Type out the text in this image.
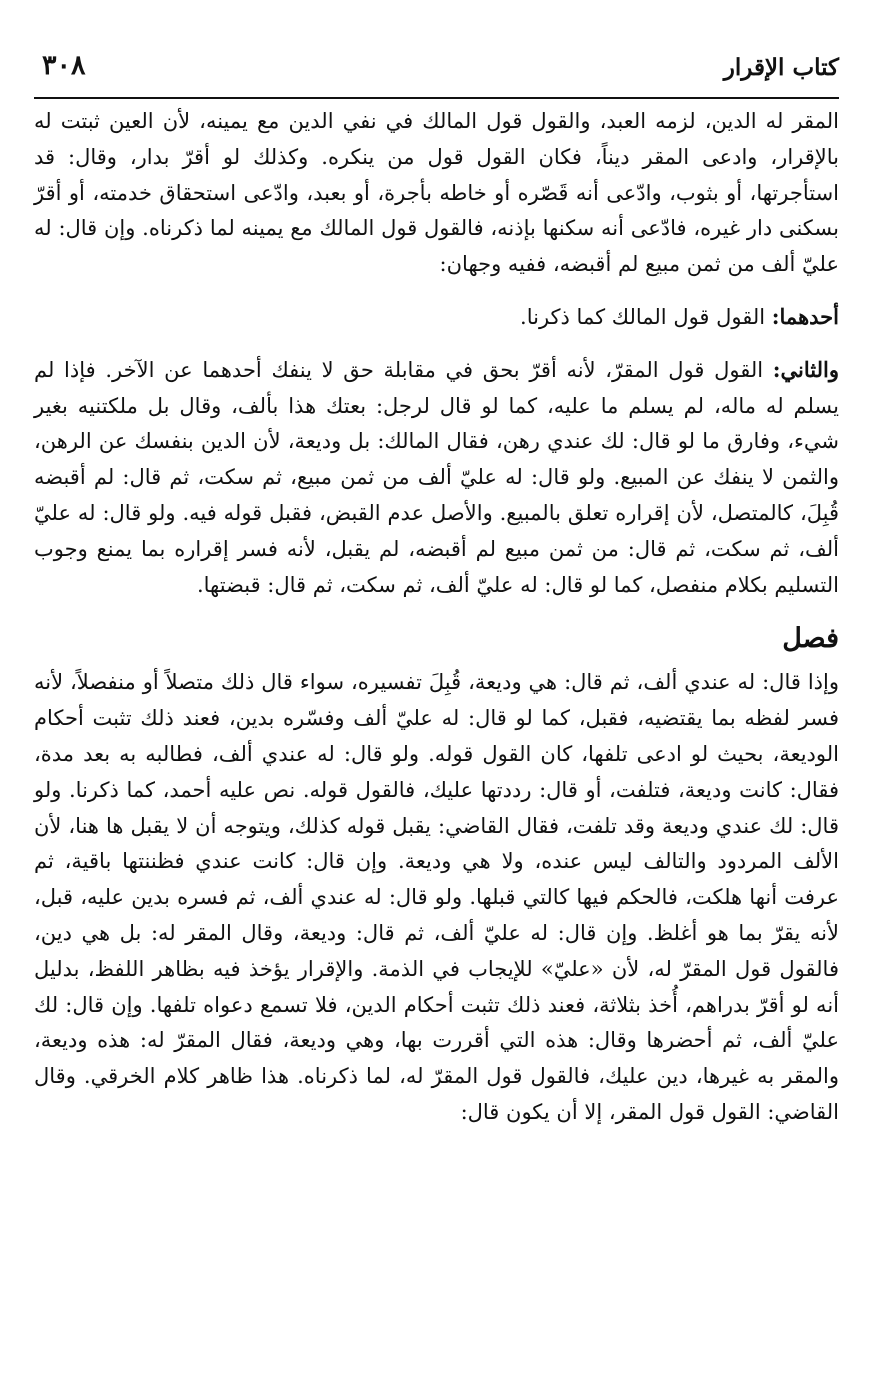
كتاب الإقرار
٣٠٨

المقر له الدين، لزمه العبد، والقول قول المالك في نفي الدين مع يمينه، لأن العين ثبتت له بالإقرار، وادعى المقر ديناً، فكان القول قول من ينكره. وكذلك لو أقرّ بدار، وقال: قد استأجرتها، أو بثوب، وادّعى أنه قَصّره أو خاطه بأجرة، أو بعبد، وادّعى استحقاق خدمته، أو أقرّ بسكنى دار غيره، فادّعى أنه سكنها بإذنه، فالقول قول المالك مع يمينه لما ذكرناه. وإن قال: له عليّ ألف من ثمن مبيع لم أقبضه، ففيه وجهان:

أحدهما: القول قول المالك كما ذكرنا.

والثاني: القول قول المقرّ، لأنه أقرّ بحق في مقابلة حق لا ينفك أحدهما عن الآخر. فإذا لم يسلم له ماله، لم يسلم ما عليه، كما لو قال لرجل: بعتك هذا بألف، وقال بل ملكتنيه بغير شيء، وفارق ما لو قال: لك عندي رهن، فقال المالك: بل وديعة، لأن الدين بنفسك عن الرهن، والثمن لا ينفك عن المبيع. ولو قال: له عليّ ألف من ثمن مبيع، ثم سكت، ثم قال: لم أقبضه قُبِلَ، كالمتصل، لأن إقراره تعلق بالمبيع. والأصل عدم القبض، فقبل قوله فيه. ولو قال: له عليّ ألف، ثم سكت، ثم قال: من ثمن مبيع لم أقبضه، لم يقبل، لأنه فسر إقراره بما يمنع وجوب التسليم بكلام منفصل، كما لو قال: له عليّ ألف، ثم سكت، ثم قال: قبضتها.

فصل

وإذا قال: له عندي ألف، ثم قال: هي وديعة، قُبِلَ تفسيره، سواء قال ذلك متصلاً أو منفصلاً، لأنه فسر لفظه بما يقتضيه، فقبل، كما لو قال: له عليّ ألف وفسّره بدين، فعند ذلك تثبت أحكام الوديعة، بحيث لو ادعى تلفها، كان القول قوله. ولو قال: له عندي ألف، فطالبه به بعد مدة، فقال: كانت وديعة، فتلفت، أو قال: رددتها عليك، فالقول قوله. نص عليه أحمد، كما ذكرنا. ولو قال: لك عندي وديعة وقد تلفت، فقال القاضي: يقبل قوله كذلك، ويتوجه أن لا يقبل ها هنا، لأن الألف المردود والتالف ليس عنده، ولا هي وديعة. وإن قال: كانت عندي فظننتها باقية، ثم عرفت أنها هلكت، فالحكم فيها كالتي قبلها. ولو قال: له عندي ألف، ثم فسره بدين عليه، قبل، لأنه يقرّ بما هو أغلظ. وإن قال: له عليّ ألف، ثم قال: وديعة، وقال المقر له: بل هي دين، فالقول قول المقرّ له، لأن «عليّ» للإيجاب في الذمة. والإقرار يؤخذ فيه بظاهر اللفظ، بدليل أنه لو أقرّ بدراهم، أُخذ بثلاثة، فعند ذلك تثبت أحكام الدين، فلا تسمع دعواه تلفها. وإن قال: لك عليّ ألف، ثم أحضرها وقال: هذه التي أقررت بها، وهي وديعة، فقال المقرّ له: هذه وديعة، والمقر به غيرها، دين عليك، فالقول قول المقرّ له، لما ذكرناه. هذا ظاهر كلام الخرقي. وقال القاضي: القول قول المقر، إلا أن يكون قال:
